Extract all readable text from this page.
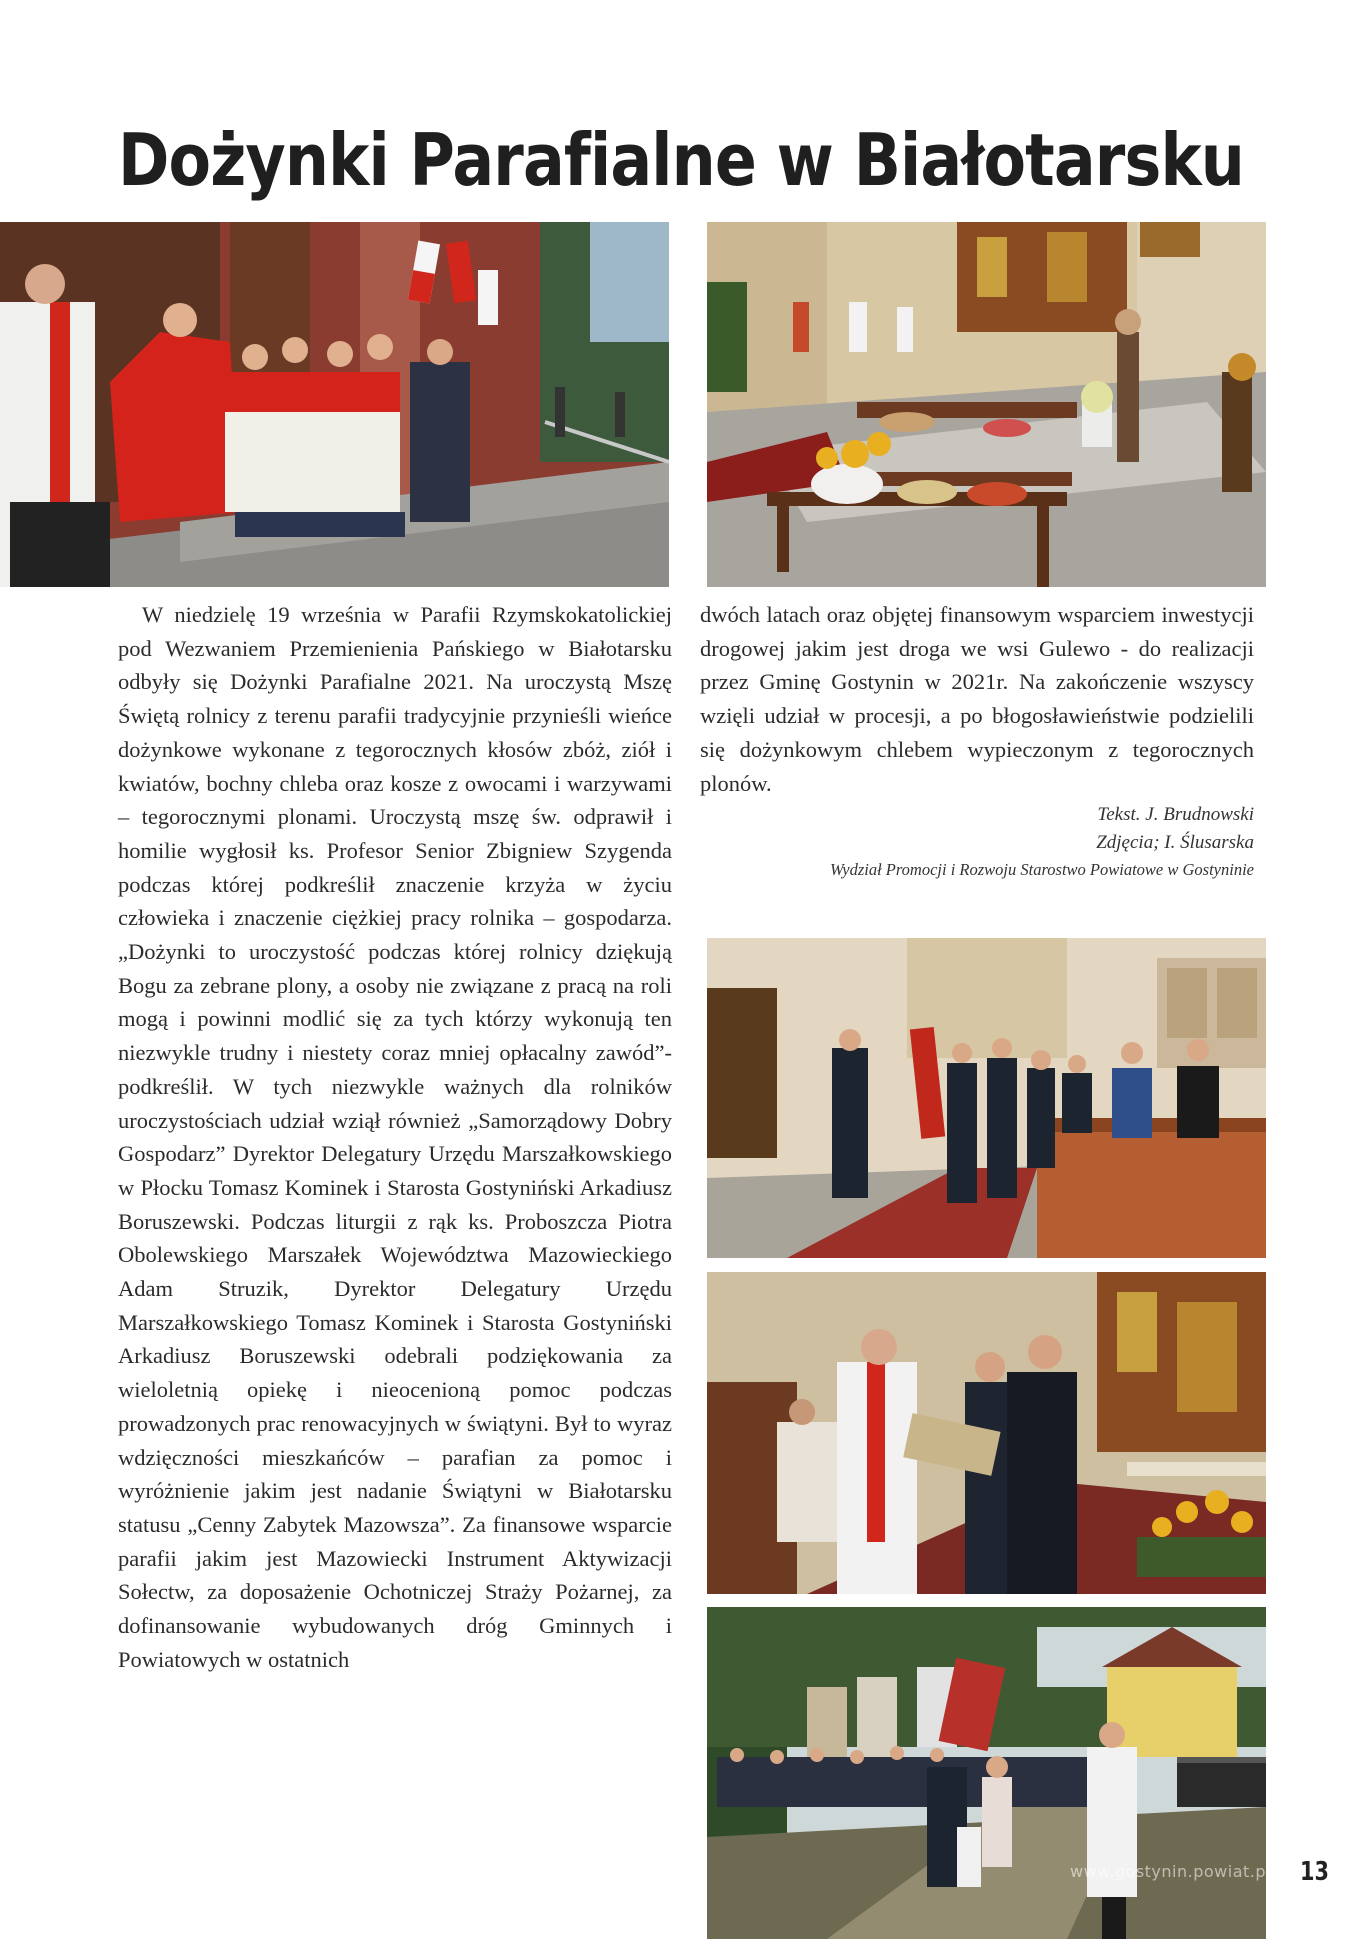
Dożynki Parafialne w Białotarsku

W niedzielę 19 września w Parafii Rzymskokatolickiej pod Wezwaniem Przemienienia Pańskiego w Białotarsku odbyły się Dożynki Parafialne 2021. Na uroczystą Mszę Świętą rolnicy z terenu parafii tradycyjnie przynieśli wieńce dożynkowe wykonane z tegorocznych kłosów zbóż, ziół i kwiatów, bochny chleba oraz kosze z owocami i warzywami – tegorocznymi plonami. Uroczystą mszę św. odprawił i homilie wygłosił ks. Profesor Senior Zbigniew Szygenda podczas której podkreślił znaczenie krzyża w życiu człowieka i znaczenie ciężkiej pracy rolnika – gospodarza. „Dożynki to uroczystość podczas której rolnicy dziękują Bogu za zebrane plony, a osoby nie związane z pracą na roli mogą i powinni modlić się za tych którzy wykonują ten niezwykle trudny i niestety coraz mniej opłacalny zawód”- podkreślił. W tych niezwykle ważnych dla rolników uroczystościach udział wziął również „Samorządowy Dobry Gospodarz” Dyrektor Delegatury Urzędu Marszałkowskiego w Płocku Tomasz Kominek i Starosta Gostyniński Arkadiusz Boruszewski. Podczas liturgii z rąk ks. Proboszcza Piotra Obolewskiego Marszałek Województwa Mazowieckiego Adam Struzik, Dyrektor Delegatury Urzędu Marszałkowskiego Tomasz Kominek i Starosta Gostyniński Arkadiusz Boruszewski odebrali podziękowania za wieloletnią opiekę i nieocenioną pomoc podczas prowadzonych prac renowacyjnych w świątyni. Był to wyraz wdzięczności mieszkańców – parafian za pomoc i wyróżnienie jakim jest nadanie Świątyni w Białotarsku statusu „Cenny Zabytek Mazowsza”. Za finansowe wsparcie parafii jakim jest Mazowiecki Instrument Aktywizacji Sołectw, za doposażenie Ochotniczej Straży Pożarnej, za dofinansowanie wybudowanych dróg Gminnych i Powiatowych w ostatnich

dwóch latach oraz objętej finansowym wsparciem inwestycji drogowej jakim jest droga we wsi Gulewo - do realizacji przez Gminę Gostynin w 2021r. Na zakończenie wszyscy wzięli udział w procesji, a po błogosławieństwie podzielili się dożynkowym chlebem wypieczonym z tegorocznych plonów.

Tekst. J. Brudnowski
Zdjęcia; I. Ślusarska
Wydział Promocji i Rozwoju Starostwo Powiatowe w Gostyninie
www.gostynin.powiat.pl 13
